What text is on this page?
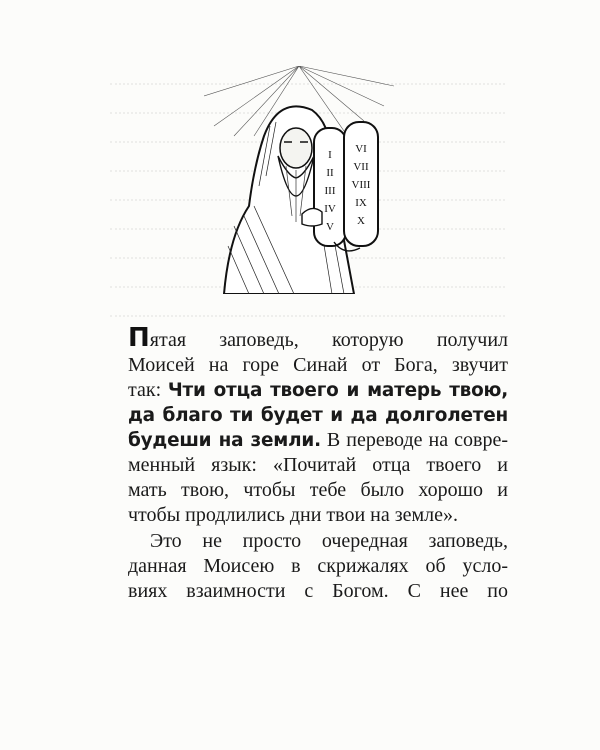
I
II
III
IV
V
VI
VII
VIII
IX
X

Пятая заповедь, которую получил
Моисей на горе Синай от Бога, звучит
так: Чти отца твоего и матерь твою,
да благо ти будет и да долголетен
будеши на земли. В переводе на совре-
менный язык: «Почитай отца твоего и
мать твою, чтобы тебе было хорошо и
чтобы продлились дни твои на земле».

Это не просто очередная заповедь,
данная Моисею в скрижалях об усло-
виях взаимности с Богом. С нее по
